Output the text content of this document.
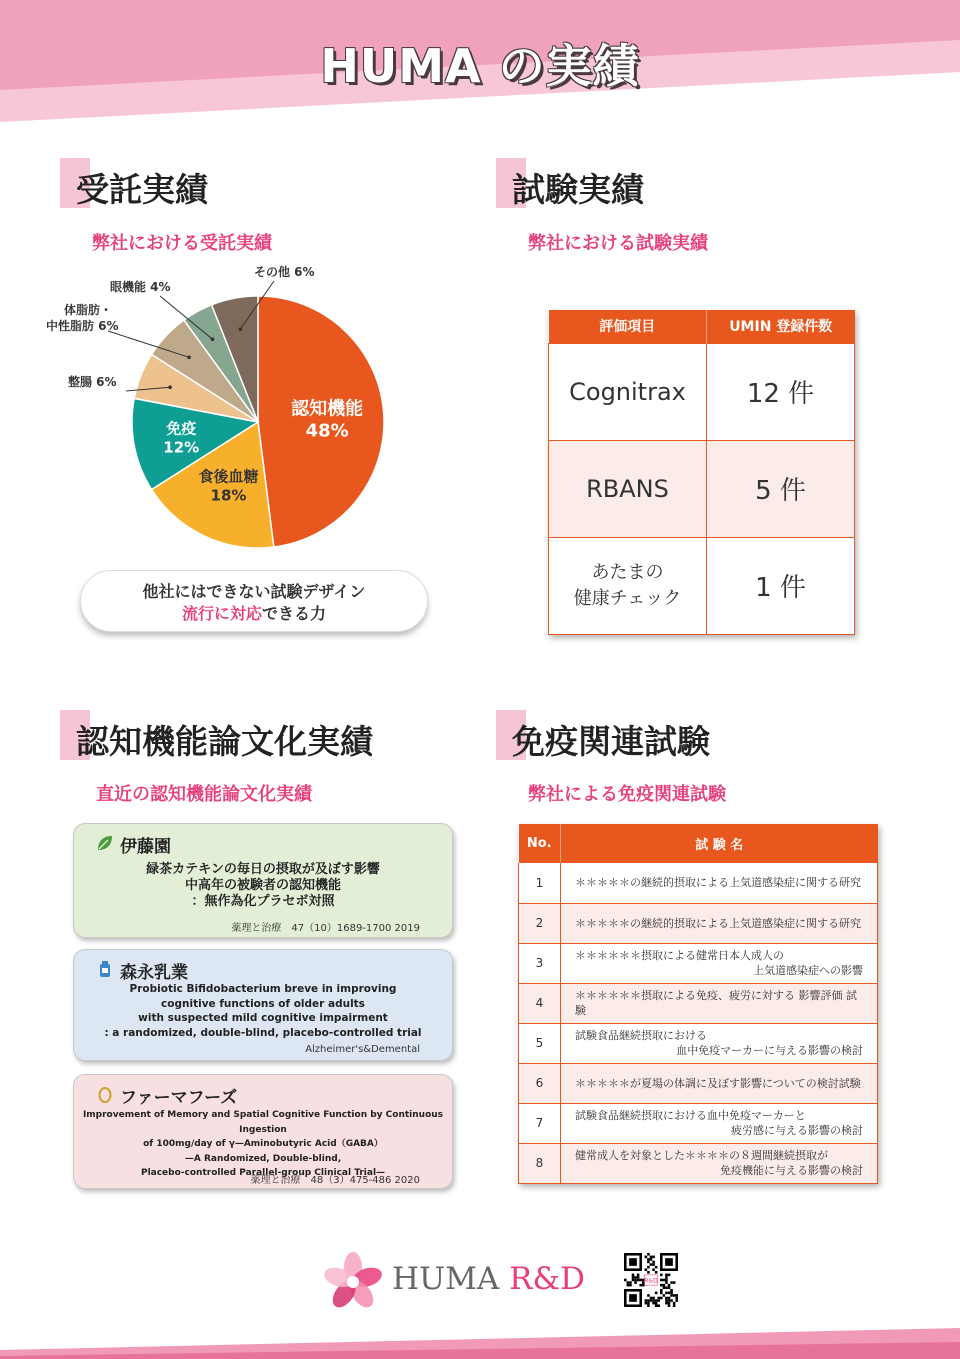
HUMA の実績
受託実績
弊社における受託実績
認知機能
48%
食後血糖
18%
免疫
12%
整腸 6%
体脂肪・
中性脂肪 6%
眼機能 4%
その他 6%
他社にはできない試験デザイン
流行に対応できる力
試験実績
弊社における試験実績
評価項目	UMIN 登録件数
Cognitrax	12 件
RBANS	5 件

あたまの
健康チェック	1 件
認知機能論文化実績
直近の認知機能論文化実績
伊藤園
緑茶カテキンの毎日の摂取が及ぼす影響
中高年の被験者の認知機能
：無作為化プラセボ対照
薬理と治療　47（10）1689-1700 2019
森永乳業
Probiotic Bifidobacterium breve in improving
cognitive functions of older adults
with suspected mild cognitive impairment
: a randomized, double-blind, placebo-controlled trial
Alzheimer's&Demental
ファーマフーズ
Improvement of Memory and Spatial Cognitive Function by Continuous Ingestion
of 100mg/day of γ—Aminobutyric Acid（GABA）
—A Randomized, Double-blind,
Placebo-controlled Parallel-group Clinical Trial—
薬理と治療　48（3）475-486 2020
免疫関連試験
弊社による免疫関連試験
No.	試 験 名
1	＊＊＊＊＊の継続的摂取による上気道感染症に関する研究

2	＊＊＊＊＊の継続的摂取による上気道感染症に関する研究

3	＊＊＊＊＊＊摂取による健常日本人成人の
上気道感染症への影響

4	＊＊＊＊＊＊摂取による免疫、疲労に対する 影響評価 試験

5	試験食品継続摂取における
血中免疫マーカーに与える影響の検討

6	＊＊＊＊＊が夏場の体調に及ぼす影響についての検討試験

7	試験食品継続摂取における血中免疫マーカーと
疲労感に与える影響の検討

8	健常成人を対象とした＊＊＊＊の８週間継続摂取が
免疫機能に与える影響の検討
HUMA R&D	R&D
